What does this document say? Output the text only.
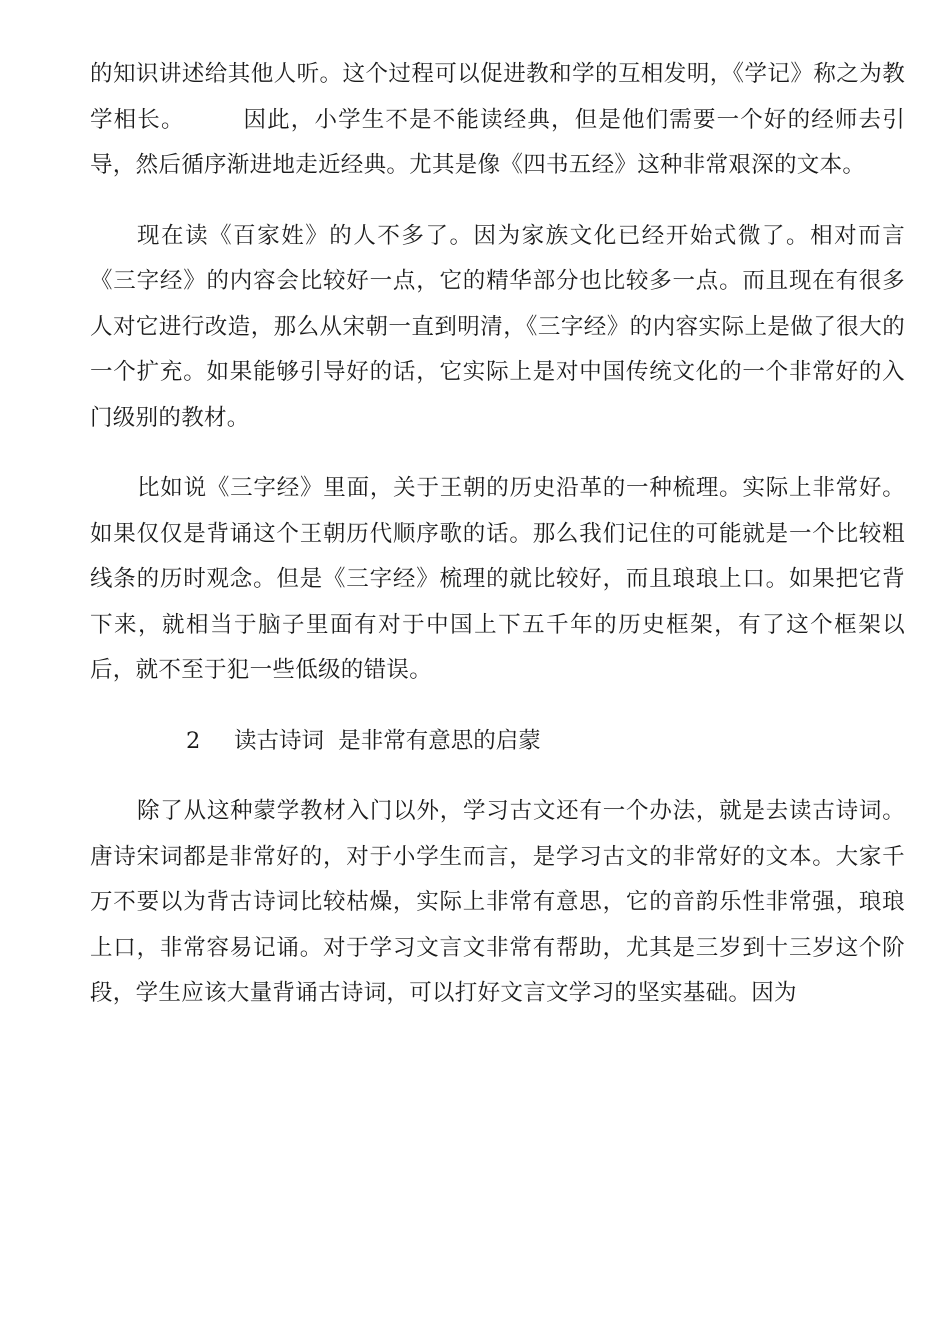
的知识讲述给其他人听。这个过程可以促进教和学的互相发明，《学记》称之为教学相长。	因此，小学生不是不能读经典，但是他们需要一个好的经师去引导，然后循序渐进地走近经典。尤其是像《四书五经》这种非常艰深的文本。

现在读《百家姓》的人不多了。因为家族文化已经开始式微了。相对而言《三字经》的内容会比较好一点，它的精华部分也比较多一点。而且现在有很多人对它进行改造，那么从宋朝一直到明清，《三字经》的内容实际上是做了很大的一个扩充。如果能够引导好的话，它实际上是对中国传统文化的一个非常好的入门级别的教材。

比如说《三字经》里面，关于王朝的历史沿革的一种梳理。实际上非常好。如果仅仅是背诵这个王朝历代顺序歌的话。那么我们记住的可能就是一个比较粗线条的历时观念。但是《三字经》梳理的就比较好，而且琅琅上口。如果把它背下来，就相当于脑子里面有对于中国上下五千年的历史框架，有了这个框架以后，就不至于犯一些低级的错误。

2 读古诗词  是非常有意思的启蒙

除了从这种蒙学教材入门以外，学习古文还有一个办法，就是去读古诗词。唐诗宋词都是非常好的，对于小学生而言，是学习古文的非常好的文本。大家千万不要以为背古诗词比较枯燥，实际上非常有意思，它的音韵乐性非常强，琅琅上口，非常容易记诵。对于学习文言文非常有帮助，尤其是三岁到十三岁这个阶段，学生应该大量背诵古诗词，可以打好文言文学习的坚实基础。因为
